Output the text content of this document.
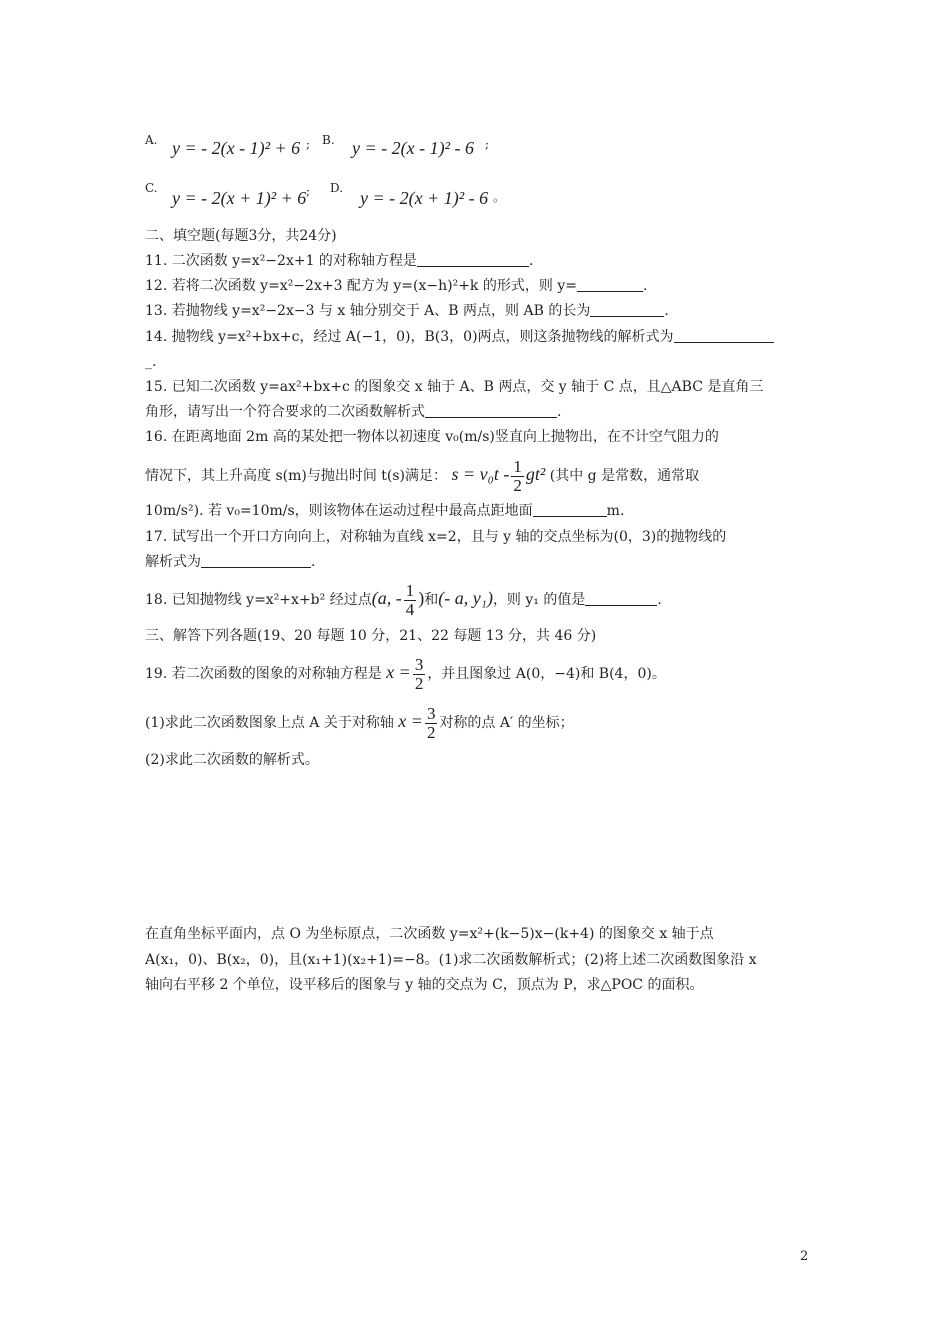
A. y = - 2(x - 1)² + 6 ; B. y = - 2(x - 1)² - 6 ;
C. y = - 2(x + 1)² + 6 ; D. y = - 2(x + 1)² - 6 。
二、填空题(每题3分，共24分)
11. 二次函数 y=x²−2x+1 的对称轴方程是	.
12. 若将二次函数 y=x²−2x+3 配方为 y=(x−h)²+k 的形式，则 y=	.
13. 若抛物线 y=x²−2x−3 与 x 轴分别交于 A、B 两点，则 AB 的长为	.
14. 抛物线 y=x²+bx+c，经过 A(−1，0)，B(3，0)两点，则这条抛物线的解析式为
_.
15. 已知二次函数 y=ax²+bx+c 的图象交 x 轴于 A、B 两点，交 y 轴于 C 点，且△ABC 是直角三
角形，请写出一个符合要求的二次函数解析式	.
16. 在距离地面 2m 高的某处把一物体以初速度 v₀(m/s)竖直向上抛物出，在不计空气阻力的
情况下，其上升高度 s(m)与抛出时间 t(s)满足： $s = v_0t - \frac{1}{2} gt^2$ (其中 g 是常数，通常取
10m/s²). 若 v₀=10m/s，则该物体在运动过程中最高点距地面	m.
17. 试写出一个开口方向向上，对称轴为直线 x=2，且与 y 轴的交点坐标为(0，3)的抛物线的
解析式为	.
18. 已知抛物线 y=x²+x+b² 经过点(a, - $\frac{1}{4}$ )和(- a, y₁)，则 y₁ 的值是	.
三、解答下列各题(19、20 每题 10 分，21、22 每题 13 分，共 46 分)
19. 若二次函数的图象的对称轴方程是 $x = \frac{3}{2}$ ，并且图象过 A(0，−4)和 B(4，0)。
(1)求此二次函数图象上点 A 关于对称轴 $x = \frac{3}{2}$ 对称的点 A′ 的坐标；
(2)求此二次函数的解析式。
在直角坐标平面内，点 O 为坐标原点，二次函数 y=x²+(k−5)x−(k+4) 的图象交 x 轴于点
A(x₁，0)、B(x₂，0)，且(x₁+1)(x₂+1)=−8。(1)求二次函数解析式；(2)将上述二次函数图象沿 x
轴向右平移 2 个单位，设平移后的图象与 y 轴的交点为 C，顶点为 P，求△POC 的面积。
2
